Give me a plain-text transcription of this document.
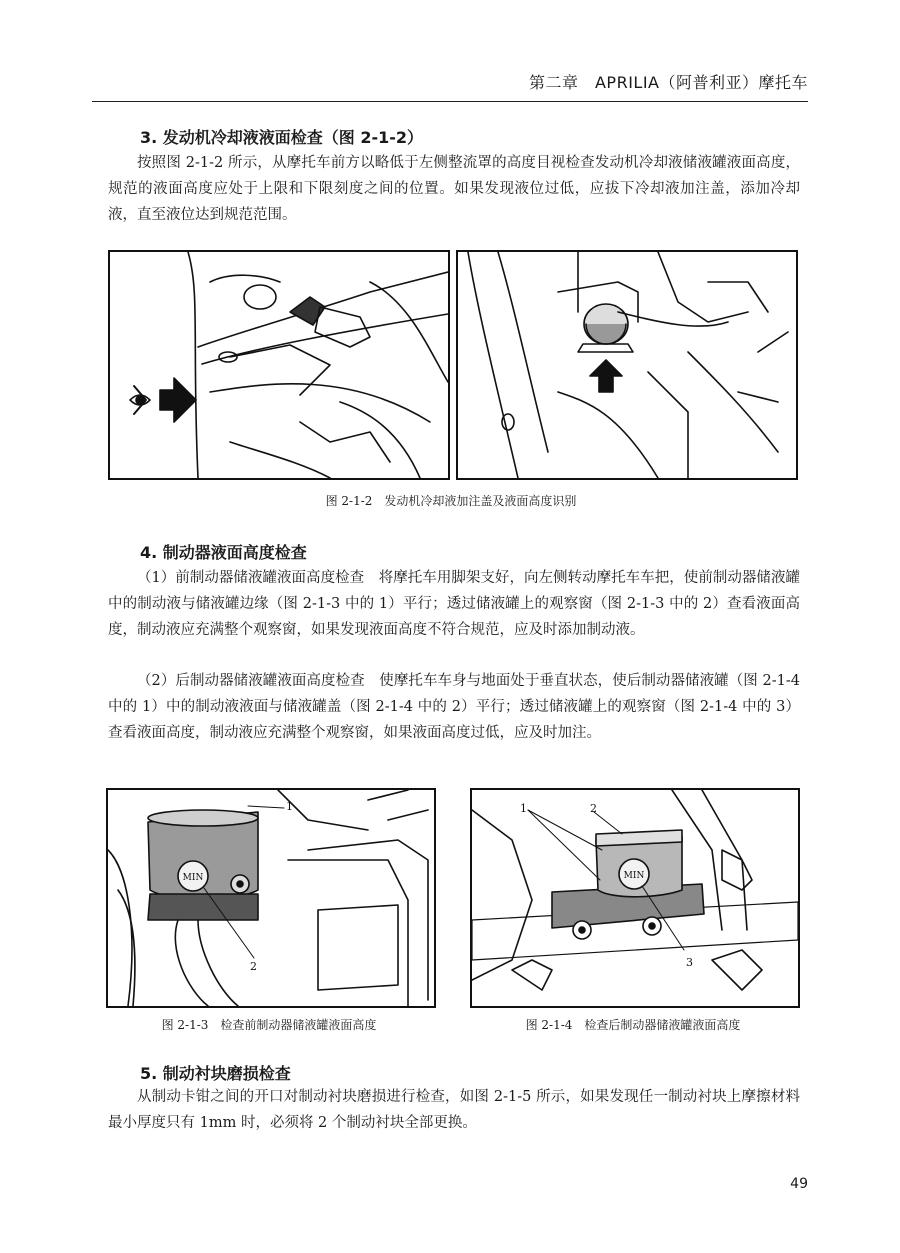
第二章　APRILIA（阿普利亚）摩托车
3. 发动机冷却液液面检查（图 2-1-2）

按照图 2-1-2 所示，从摩托车前方以略低于左侧整流罩的高度目视检查发动机冷却液储液罐液面高度，规范的液面高度应处于上限和下限刻度之间的位置。如果发现液位过低，应拔下冷却液加注盖，添加冷却液，直至液位达到规范范围。

图 2-1-2　发动机冷却液加注盖及液面高度识别
4. 制动器液面高度检查

（1）前制动器储液罐液面高度检查　将摩托车用脚架支好，向左侧转动摩托车车把，使前制动器储液罐中的制动液与储液罐边缘（图 2-1-3 中的 1）平行；透过储液罐上的观察窗（图 2-1-3 中的 2）查看液面高度，制动液应充满整个观察窗，如果发现液面高度不符合规范，应及时添加制动液。

（2）后制动器储液罐液面高度检查　使摩托车车身与地面处于垂直状态，使后制动器储液罐（图 2-1-4 中的 1）中的制动液液面与储液罐盖（图 2-1-4 中的 2）平行；透过储液罐上的观察窗（图 2-1-4 中的 3）查看液面高度，制动液应充满整个观察窗，如果液面高度过低，应及时加注。

MIN
1
2
MIN
1	2
3
图 2-1-3　检查前制动器储液罐液面高度	图 2-1-4　检查后制动器储液罐液面高度
5. 制动衬块磨损检查

从制动卡钳之间的开口对制动衬块磨损进行检查，如图 2-1-5 所示，如果发现任一制动衬块上摩擦材料最小厚度只有 1mm 时，必须将 2 个制动衬块全部更换。

49
